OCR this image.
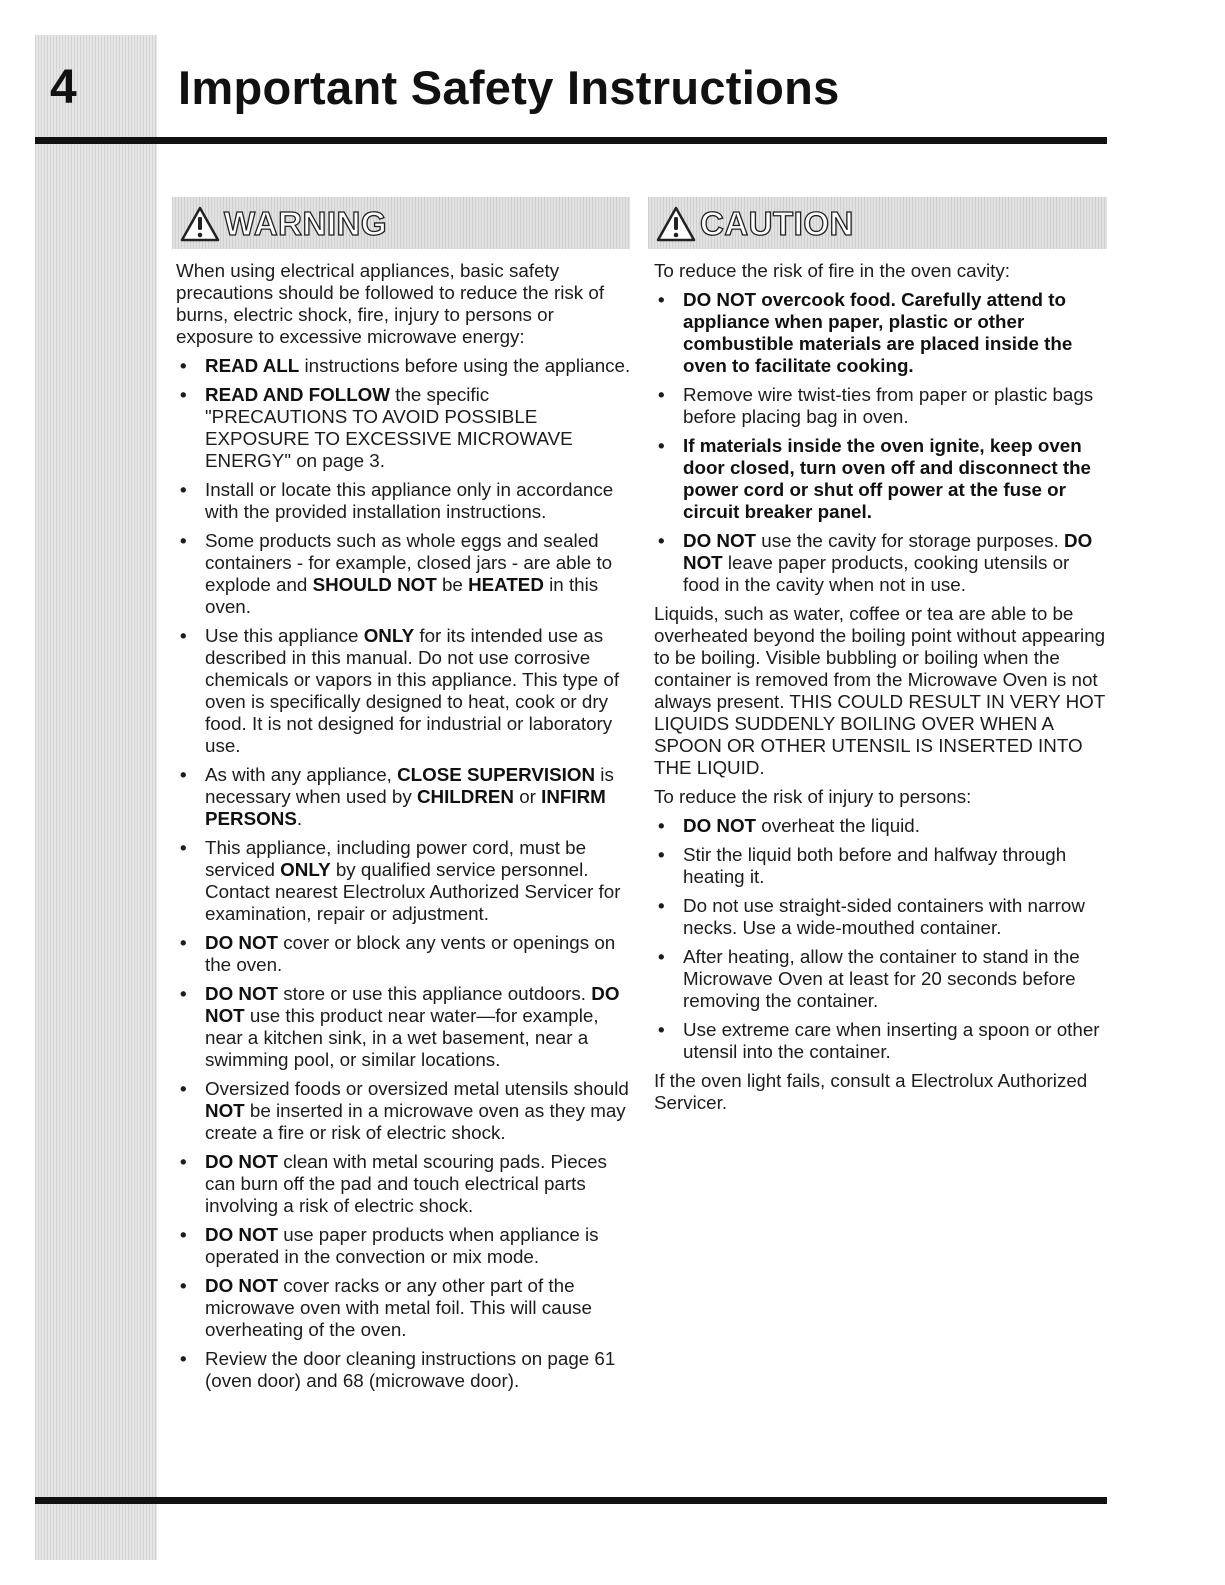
4	Important Safety Instructions
WARNING	CAUTION

When using electrical appliances, basic safety precautions should be followed to reduce the risk of burns, electric shock, fire, injury to persons or exposure to excessive microwave energy:

• READ ALL instructions before using the appliance.
• READ AND FOLLOW the specific "PRECAUTIONS TO AVOID POSSIBLE EXPOSURE TO EXCESSIVE MICROWAVE ENERGY" on page 3.
• Install or locate this appliance only in accordance with the provided installation instructions.
• Some products such as whole eggs and sealed containers - for example, closed jars - are able to explode and SHOULD NOT be HEATED in this oven.
• Use this appliance ONLY for its intended use as described in this manual. Do not use corrosive chemicals or vapors in this appliance. This type of oven is specifically designed to heat, cook or dry food. It is not designed for industrial or laboratory use.
• As with any appliance, CLOSE SUPERVISION is necessary when used by CHILDREN or INFIRM PERSONS.
• This appliance, including power cord, must be serviced ONLY by qualified service personnel. Contact nearest Electrolux Authorized Servicer for examination, repair or adjustment.
• DO NOT cover or block any vents or openings on the oven.
• DO NOT store or use this appliance outdoors. DO NOT use this product near water—for example, near a kitchen sink, in a wet basement, near a swimming pool, or similar locations.
• Oversized foods or oversized metal utensils should NOT be inserted in a microwave oven as they may create a fire or risk of electric shock.
• DO NOT clean with metal scouring pads. Pieces can burn off the pad and touch electrical parts involving a risk of electric shock.
• DO NOT use paper products when appliance is operated in the convection or mix mode.
• DO NOT cover racks or any other part of the microwave oven with metal foil. This will cause overheating of the oven.
• Review the door cleaning instructions on page 61 (oven door) and 68 (microwave door).

To reduce the risk of fire in the oven cavity:

• DO NOT overcook food. Carefully attend to appliance when paper, plastic or other combustible materials are placed inside the oven to facilitate cooking.
• Remove wire twist-ties from paper or plastic bags before placing bag in oven.
• If materials inside the oven ignite, keep oven door closed, turn oven off and disconnect the power cord or shut off power at the fuse or circuit breaker panel.
• DO NOT use the cavity for storage purposes. DO NOT leave paper products, cooking utensils or food in the cavity when not in use.

Liquids, such as water, coffee or tea are able to be overheated beyond the boiling point without appearing to be boiling. Visible bubbling or boiling when the container is removed from the Microwave Oven is not always present. THIS COULD RESULT IN VERY HOT LIQUIDS SUDDENLY BOILING OVER WHEN A SPOON OR OTHER UTENSIL IS INSERTED INTO THE LIQUID.

To reduce the risk of injury to persons:

• DO NOT overheat the liquid.
• Stir the liquid both before and halfway through heating it.
• Do not use straight-sided containers with narrow necks. Use a wide-mouthed container.
• After heating, allow the container to stand in the Microwave Oven at least for 20 seconds before removing the container.
• Use extreme care when inserting a spoon or other utensil into the container.

If the oven light fails, consult a Electrolux Authorized Servicer.
